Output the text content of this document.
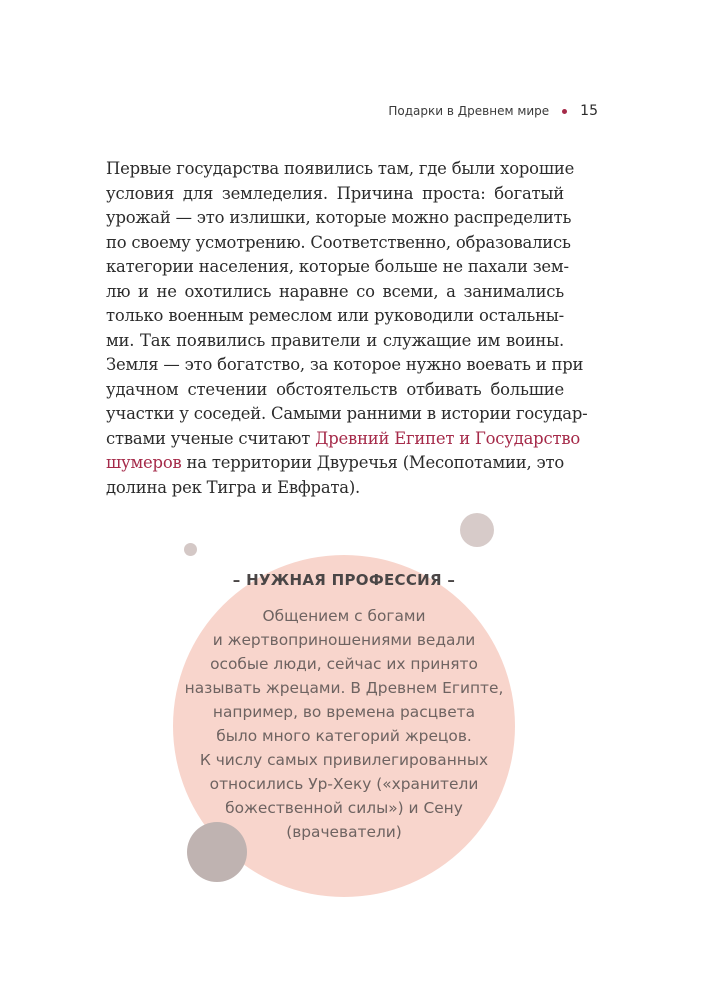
Подарки в Древнем мире 15

Первые государства появились там, где были хорошие
условия для земледелия. Причина проста: богатый
урожай — это излишки, которые можно распределить
по своему усмотрению. Соответственно, образовались
категории населения, которые больше не пахали зем-
лю и не охотились наравне со всеми, а занимались
только военным ремеслом или руководили остальны-
ми. Так появились правители и служащие им воины.
Земля — это богатство, за которое нужно воевать и при
удачном стечении обстоятельств отбивать большие
участки у соседей. Самыми ранними в истории государ-
ствами ученые считают Древний Египет и Государство
шумеров на территории Двуречья (Месопотамии, это
долина рек Тигра и Евфрата).

– НУЖНАЯ ПРОФЕССИЯ –

Общением с богами
и жертвоприношениями ведали
особые люди, сейчас их принято
называть жрецами. В Древнем Египте,
например, во времена расцвета
было много категорий жрецов.
К числу самых привилегированных
относились Ур-Хеку («хранители
божественной силы») и Сену
(врачеватели)
